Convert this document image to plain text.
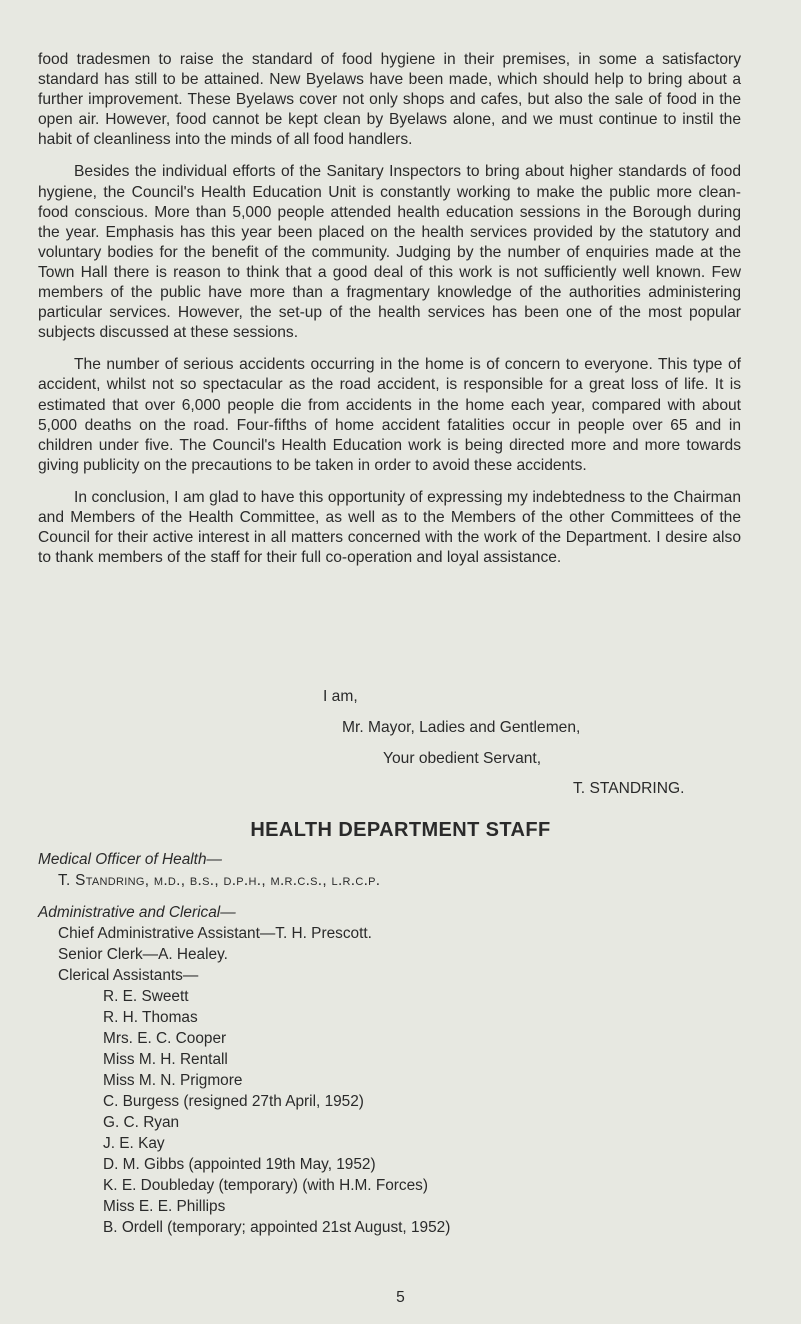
food tradesmen to raise the standard of food hygiene in their premises, in some a satisfactory standard has still to be attained. New Byelaws have been made, which should help to bring about a further improvement. These Byelaws cover not only shops and cafes, but also the sale of food in the open air. However, food cannot be kept clean by Byelaws alone, and we must continue to instil the habit of cleanliness into the minds of all food handlers.

Besides the individual efforts of the Sanitary Inspectors to bring about higher standards of food hygiene, the Council's Health Education Unit is constantly working to make the public more clean-food conscious. More than 5,000 people attended health education sessions in the Borough during the year. Emphasis has this year been placed on the health services provided by the statutory and voluntary bodies for the benefit of the community. Judging by the number of enquiries made at the Town Hall there is reason to think that a good deal of this work is not sufficiently well known. Few members of the public have more than a fragmentary knowledge of the authorities administering particular services. However, the set-up of the health services has been one of the most popular subjects discussed at these sessions.

The number of serious accidents occurring in the home is of concern to everyone. This type of accident, whilst not so spectacular as the road accident, is responsible for a great loss of life. It is estimated that over 6,000 people die from accidents in the home each year, compared with about 5,000 deaths on the road. Four-fifths of home accident fatalities occur in people over 65 and in children under five. The Council's Health Education work is being directed more and more towards giving publicity on the precautions to be taken in order to avoid these accidents.

In conclusion, I am glad to have this opportunity of expressing my indebtedness to the Chairman and Members of the Health Committee, as well as to the Members of the other Committees of the Council for their active interest in all matters concerned with the work of the Department. I desire also to thank members of the staff for their full co-operation and loyal assistance.

I am,
Mr. Mayor, Ladies and Gentlemen,
Your obedient Servant,
T. STANDRING.
HEALTH DEPARTMENT STAFF
Medical Officer of Health—
T. Standring, m.d., b.s., d.p.h., m.r.c.s., l.r.c.p.
Administrative and Clerical—
Chief Administrative Assistant—T. H. Prescott.
Senior Clerk—A. Healey.
Clerical Assistants—
R. E. Sweett
R. H. Thomas
Mrs. E. C. Cooper
Miss M. H. Rentall
Miss M. N. Prigmore
C. Burgess (resigned 27th April, 1952)
G. C. Ryan
J. E. Kay
D. M. Gibbs (appointed 19th May, 1952)
K. E. Doubleday (temporary) (with H.M. Forces)
Miss E. E. Phillips
B. Ordell (temporary; appointed 21st August, 1952)
5
